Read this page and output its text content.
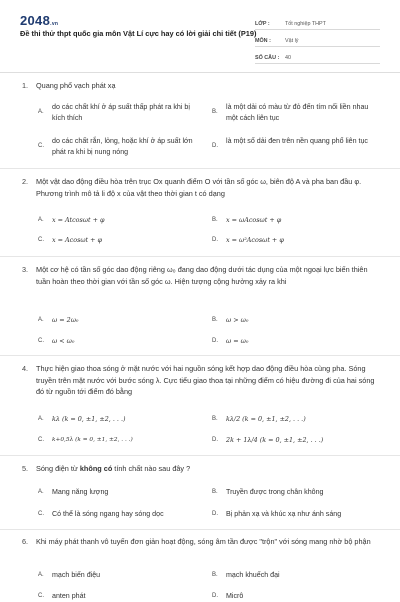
2048.vn
Đề thi thử thpt quốc gia môn Vật Lí cực hay có lời giải chi tiết (P19)
LỚP :	Tốt nghiệp THPT
MÔN :	Vật lý
SỐ CÂU :	40
1. Quang phổ vạch phát xạ
A.
do các chất khí ở áp suất thấp phát ra khi bị kích thích
B.
là một dải có màu từ đỏ đến tím nối liền nhau một cách liên tục
C.
do các chất rắn, lỏng, hoặc khí ở áp suất lớn phát ra khi bị nung nóng
D.
là một số dải đen trên nền quang phổ liên tục
2. Một vật dao động điều hòa trên trục Ox quanh điểm O với tần số góc ω, biên độ A và pha ban đầu φ. Phương trình mô tả li độ x của vật theo thời gian t có dạng
A. x = Atcosωt + φ	B. x = ωAcosωt + φ
C. x = Acosωt + φ	D. x = ω²Acosωt + φ
3. Một cơ hệ có tần số góc dao động riêng ω₀ đang dao động dưới tác dụng của một ngoại lực biến thiên tuần hoàn theo thời gian với tần số góc ω. Hiện tượng cộng hưởng xảy ra khi
A. ω = 2ω₀	B. ω > ω₀
C. ω < ω₀	D. ω = ω₀
4. Thực hiện giao thoa sóng ở mặt nước với hai nguồn sóng kết hợp dao động điều hòa cùng pha. Sóng truyền trên mặt nước với bước sóng λ. Cực tiểu giao thoa tại những điểm có hiệu đường đi của hai sóng đó từ nguồn tới điểm đó bằng
A. kλ (k = 0, ±1, ±2, . . .)	B. kλ/2 (k = 0, ±1, ±2, . . .)
C. k+0,5λ (k = 0, ±1, ±2, . . .)	D. 2k + 1λ/4 (k = 0, ±1, ±2, . . .)
5. Sóng điện từ không có tính chất nào sau đây ?
A. Mang năng lượng	B. Truyền được trong chân không
C. Có thể là sóng ngang hay sóng dọc	D. Bị phản xạ và khúc xạ như ánh sáng
6. Khi máy phát thanh vô tuyến đơn giản hoạt động, sóng âm tần được "trộn" với sóng mang nhờ bộ phận
A. mạch biến điệu	B. mạch khuếch đại
C. anten phát	D. Micrô
